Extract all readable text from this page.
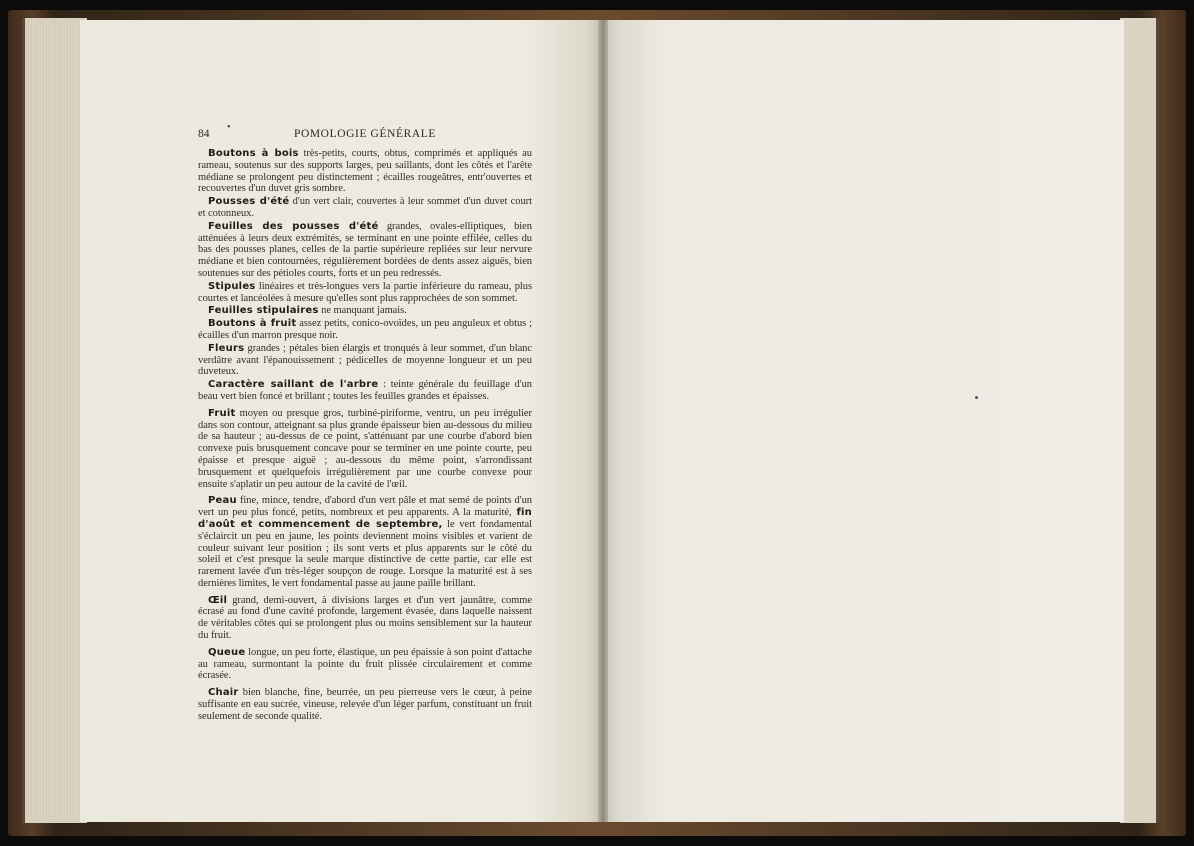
84
•
POMOLOGIE GÉNÉRALE

Boutons à bois très-petits, courts, obtus, comprimés et appliqués au rameau, soutenus sur des supports larges, peu saillants, dont les côtés et l'arête médiane se prolongent peu distinctement ; écailles rougeâtres, entr'ouvertes et recouvertes d'un duvet gris sombre.

Pousses d'été d'un vert clair, couvertes à leur sommet d'un duvet court et cotonneux.

Feuilles des pousses d'été grandes, ovales-elliptiques, bien atténuées à leurs deux extrémités, se terminant en une pointe effilée, celles du bas des pousses planes, celles de la partie supérieure repliées sur leur nervure médiane et bien contournées, régulièrement bordées de dents assez aiguës, bien soutenues sur des pétioles courts, forts et un peu redressés.

Stipules linéaires et très-longues vers la partie inférieure du rameau, plus courtes et lancéolées à mesure qu'elles sont plus rapprochées de son sommet.

Feuilles stipulaires ne manquant jamais.

Boutons à fruit assez petits, conico-ovoïdes, un peu anguleux et obtus ; écailles d'un marron presque noir.

Fleurs grandes ; pétales bien élargis et tronqués à leur sommet, d'un blanc verdâtre avant l'épanouissement ; pédicelles de moyenne longueur et un peu duveteux.

Caractère saillant de l'arbre : teinte générale du feuillage d'un beau vert bien foncé et brillant ; toutes les feuilles grandes et épaisses.

Fruit moyen ou presque gros, turbiné-piriforme, ventru, un peu irrégulier dans son contour, atteignant sa plus grande épaisseur bien au-dessous du milieu de sa hauteur ; au-dessus de ce point, s'atténuant par une courbe d'abord bien convexe puis brusquement concave pour se terminer en une pointe courte, peu épaisse et presque aiguë ; au-dessous du même point, s'arrondissant brusquement et quelquefois irrégulièrement par une courbe convexe pour ensuite s'aplatir un peu autour de la cavité de l'œil.

Peau fine, mince, tendre, d'abord d'un vert pâle et mat semé de points d'un vert un peu plus foncé, petits, nombreux et peu apparents. A la maturité, fin d'août et commencement de septembre, le vert fondamental s'éclaircit un peu en jaune, les points deviennent moins visibles et varient de couleur suivant leur position ; ils sont verts et plus apparents sur le côté du soleil et c'est presque la seule marque distinctive de cette partie, car elle est rarement lavée d'un très-léger soupçon de rouge. Lorsque la maturité est à ses dernières limites, le vert fondamental passe au jaune paille brillant.

Œil grand, demi-ouvert, à divisions larges et d'un vert jaunâtre, comme écrasé au fond d'une cavité profonde, largement évasée, dans laquelle naissent de véritables côtes qui se prolongent plus ou moins sensiblement sur la hauteur du fruit.

Queue longue, un peu forte, élastique, un peu épaissie à son point d'attache au rameau, surmontant la pointe du fruit plissée circulairement et comme écrasée.

Chair bien blanche, fine, beurrée, un peu pierreuse vers le cœur, à peine suffisante en eau sucrée, vineuse, relevée d'un léger parfum, constituant un fruit seulement de seconde qualité.
